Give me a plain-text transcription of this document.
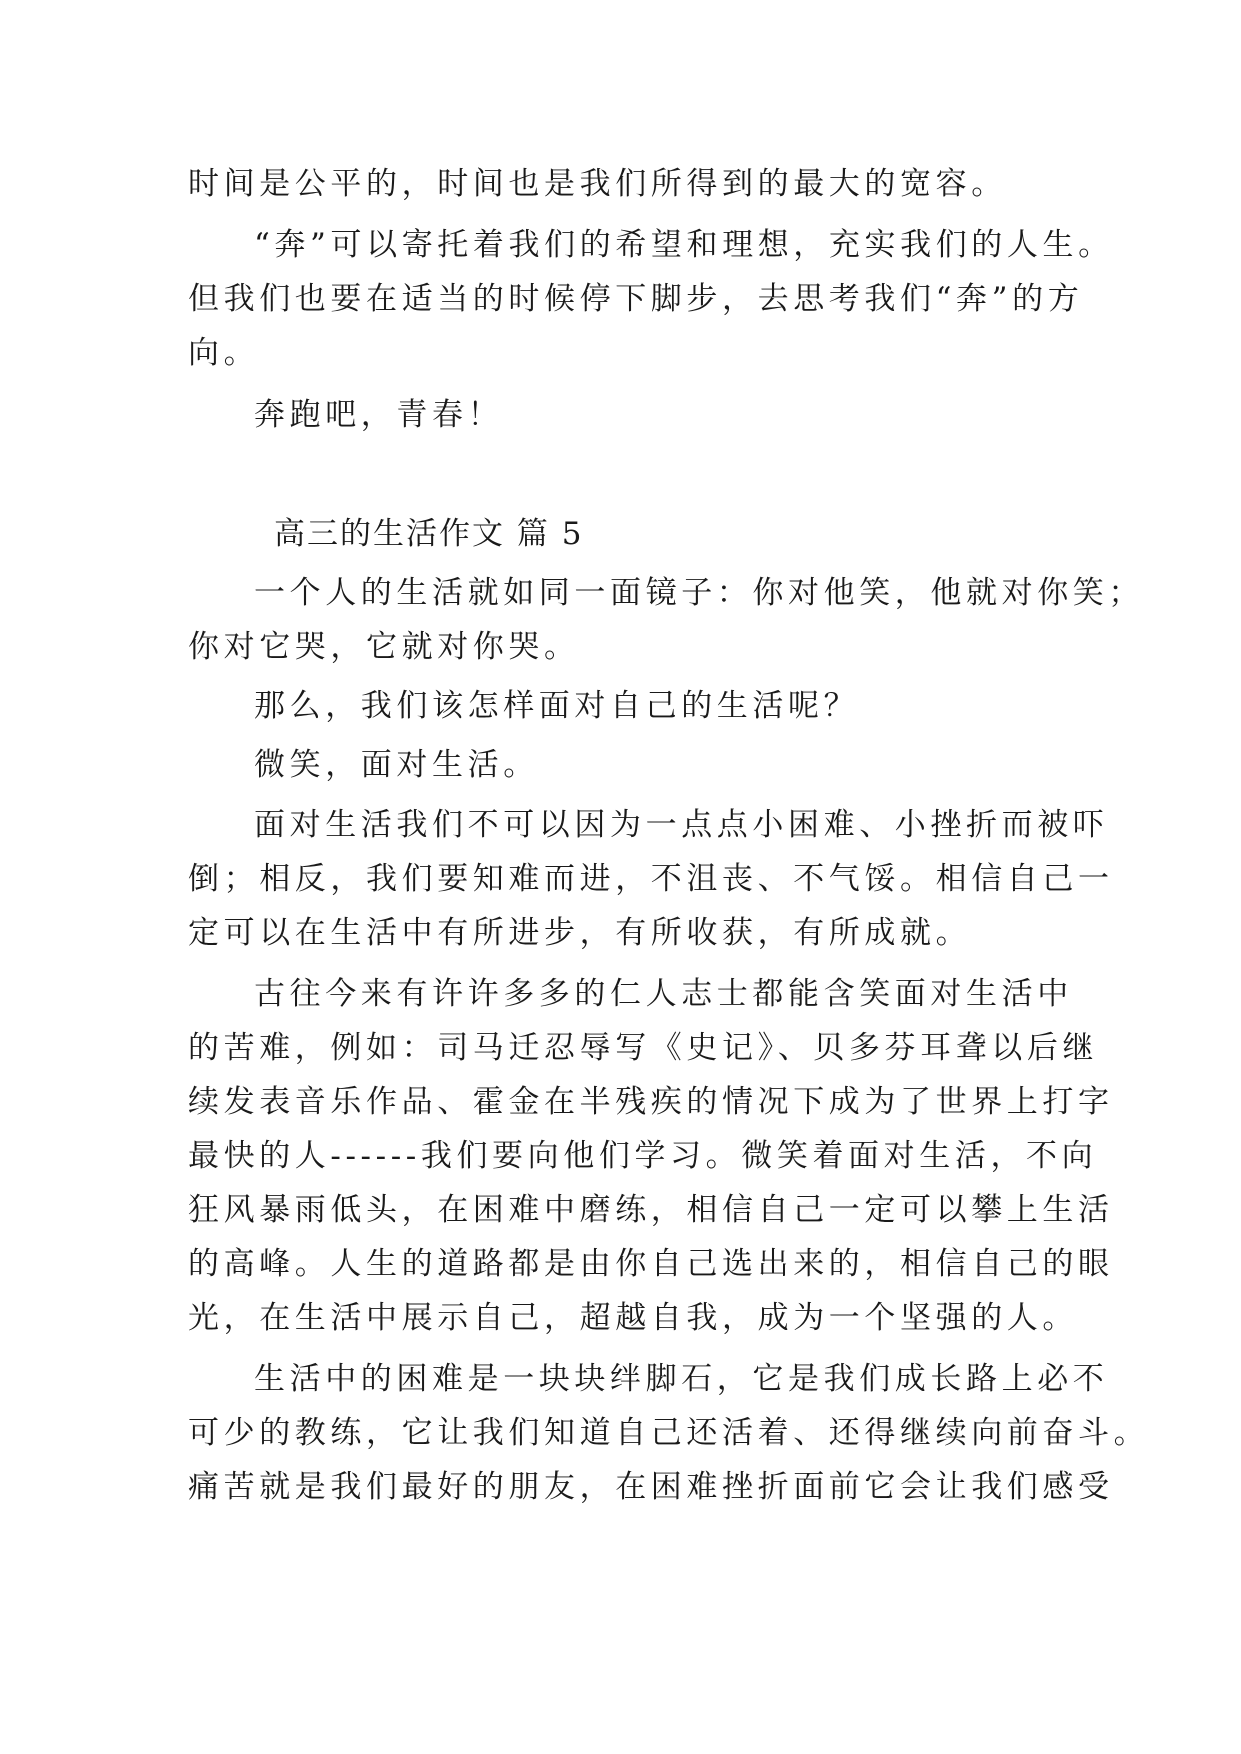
时间是公平的，时间也是我们所得到的最大的宽容。
“奔”可以寄托着我们的希望和理想，充实我们的人生。
但我们也要在适当的时候停下脚步，去思考我们“奔”的方
向。
奔跑吧，青春！
高三的生活作文 篇 5
一个人的生活就如同一面镜子：你对他笑，他就对你笑；
你对它哭，它就对你哭。
那么，我们该怎样面对自己的生活呢？
微笑，面对生活。
面对生活我们不可以因为一点点小困难、小挫折而被吓
倒；相反，我们要知难而进，不沮丧、不气馁。相信自己一
定可以在生活中有所进步，有所收获，有所成就。
古往今来有许许多多的仁人志士都能含笑面对生活中
的苦难，例如：司马迁忍辱写《史记》、贝多芬耳聋以后继
续发表音乐作品、霍金在半残疾的情况下成为了世界上打字
最快的人------我们要向他们学习。微笑着面对生活，不向
狂风暴雨低头，在困难中磨练，相信自己一定可以攀上生活
的高峰。人生的道路都是由你自己选出来的，相信自己的眼
光，在生活中展示自己，超越自我，成为一个坚强的人。
生活中的困难是一块块绊脚石，它是我们成长路上必不
可少的教练，它让我们知道自己还活着、还得继续向前奋斗。
痛苦就是我们最好的朋友，在困难挫折面前它会让我们感受
